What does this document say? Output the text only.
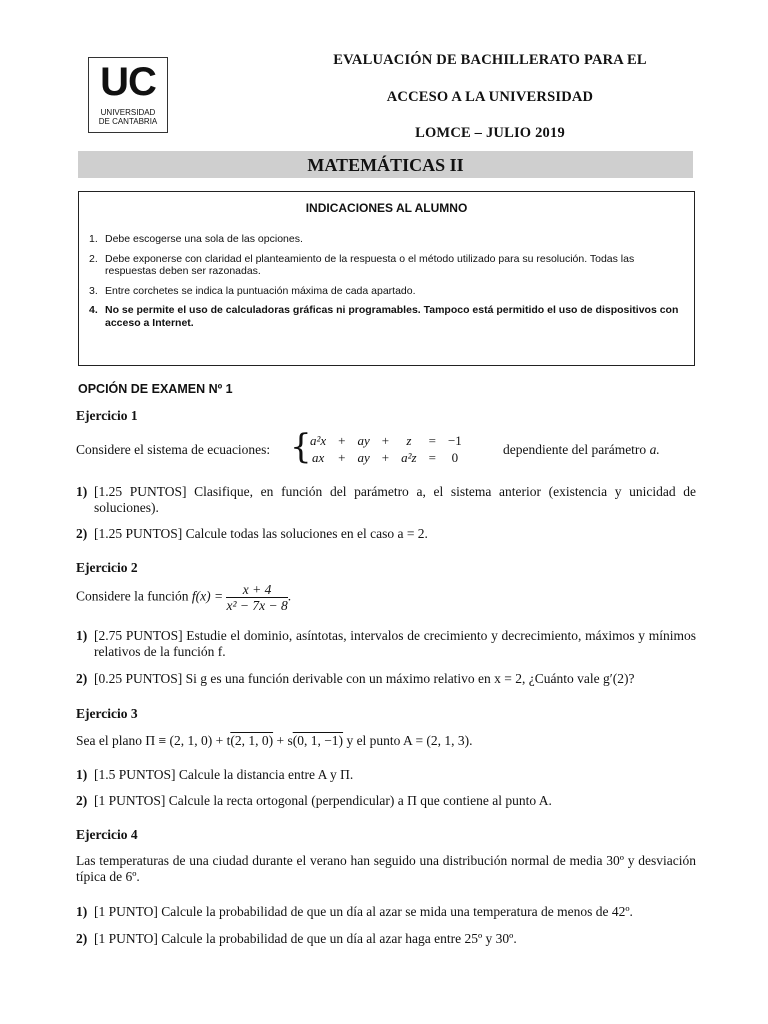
UC
UNIVERSIDAD
DE CANTABRIA
EVALUACIÓN DE BACHILLERATO PARA EL
ACCESO A LA UNIVERSIDAD
LOMCE – JULIO 2019
MATEMÁTICAS II
INDICACIONES AL ALUMNO
1. Debe escogerse una sola de las opciones.
2. Debe exponerse con claridad el planteamiento de la respuesta o el método utilizado para su resolución. Todas las respuestas deben ser razonadas.
3. Entre corchetes se indica la puntuación máxima de cada apartado.
4. No se permite el uso de calculadoras gráficas ni programables. Tampoco está permitido el uso de dispositivos con acceso a Internet.
OPCIÓN DE EXAMEN Nº 1
Ejercicio 1
Considere el sistema de ecuaciones: {
a²x	+	ay	+	z	=	−1
ax	+	ay	+	a²z	=	0
dependiente del parámetro a.
1) [1.25 PUNTOS] Clasifique, en función del parámetro a, el sistema anterior (existencia y unicidad de soluciones).
2) [1.25 PUNTOS] Calcule todas las soluciones en el caso a = 2.
Ejercicio 2
Considere la función $f(x) = \frac{x + 4}{\text{x² − 7x − 8}}$ .
1) [2.75 PUNTOS] Estudie el dominio, asíntotas, intervalos de crecimiento y decrecimiento, máximos y mínimos relativos de la función f.
2) [0.25 PUNTOS] Si g es una función derivable con un máximo relativo en x = 2, ¿Cuánto vale g′(2)?
Ejercicio 3
Sea el plano Π ≡ (2, 1, 0) + t(2, 1, 0) + s(0, 1, −1) y el punto A = (2, 1, 3).
1) [1.5 PUNTOS] Calcule la distancia entre A y Π.
2) [1 PUNTOS] Calcule la recta ortogonal (perpendicular) a Π que contiene al punto A.
Ejercicio 4
Las temperaturas de una ciudad durante el verano han seguido una distribución normal de media 30º y desviación típica de 6º.
1) [1 PUNTO] Calcule la probabilidad de que un día al azar se mida una temperatura de menos de 42º.
2) [1 PUNTO] Calcule la probabilidad de que un día al azar haga entre 25º y 30º.
